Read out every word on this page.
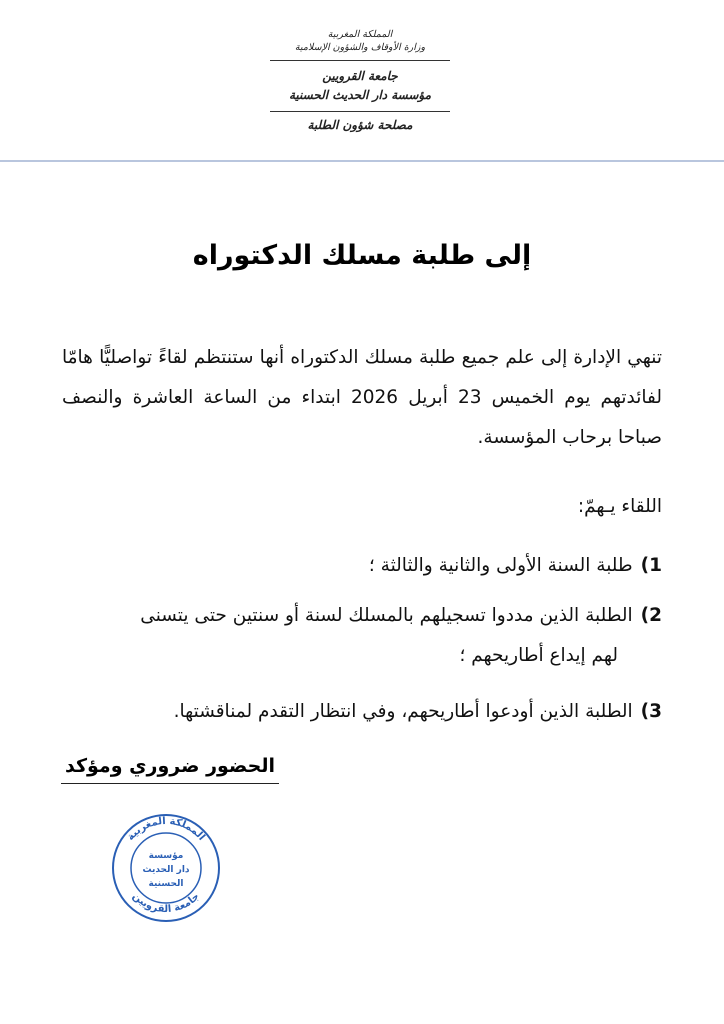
المملكة المغربية
وزارة الأوقاف والشؤون الإسلامية
جامعة القرويين
مؤسسة دار الحديث الحسنية
مصلحة شؤون الطلبة
إلى طلبة مسلك الدكتوراه
تنهي الإدارة إلى علم جميع طلبة مسلك الدكتوراه أنها ستنتظم لقاءً تواصليًّا هامّا لفائدتهم يوم الخميس 23 أبريل 2026 ابتداء من الساعة العاشرة والنصف صباحا برحاب المؤسسة.
اللقاء يـهمّ:
1)طلبة السنة الأولى والثانية والثالثة ؛
2)الطلبة الذين مددوا تسجيلهم بالمسلك لسنة أو سنتين حتى يتسنى
لهم إيداع أطاريحهم ؛
3)الطلبة الذين أودعوا أطاريحهم، وفي انتظار التقدم لمناقشتها.
الحضور ضروري ومؤكد
المملكة المغربية
جامعة القرويين
مؤسسة
دار الحديث
الحسنية
